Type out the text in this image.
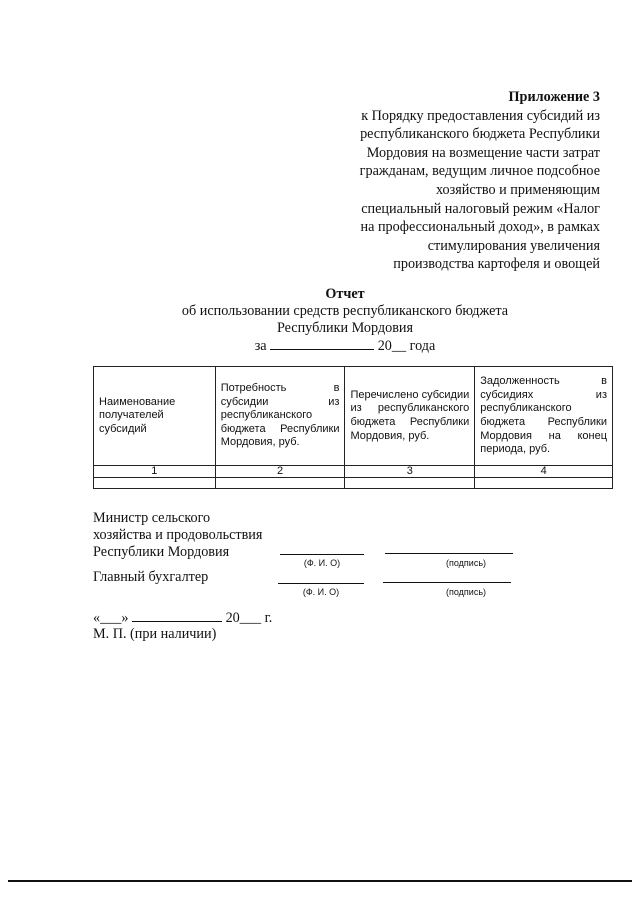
Приложение 3
к Порядку предоставления субсидий из
республиканского бюджета Республики
Мордовия на возмещение части затрат
гражданам, ведущим личное подсобное
хозяйство и применяющим
специальный налоговый режим «Налог
на профессиональный доход», в рамках
стимулирования увеличения
производства картофеля и овощей
Отчет
об использовании средств республиканского бюджета
Республики Мордовия
за	20__ года
Наименование получателей субсидий	Потребность в субсидии из республиканского бюджета Республики Мордовия, руб.	Перечислено субсидии из республиканского бюджета Республики Мордовия, руб.	Задолженность в субсидиях из республиканского бюджета Республики Мордовия на конец периода, руб.
1	2	3	4

Министр сельского
хозяйства и продовольствия
Республики Мордовия
(Ф. И. О)	(подпись)
Главный бухгалтер
(Ф. И. О)	(подпись)
«___»	20___ г.
М. П. (при наличии)
